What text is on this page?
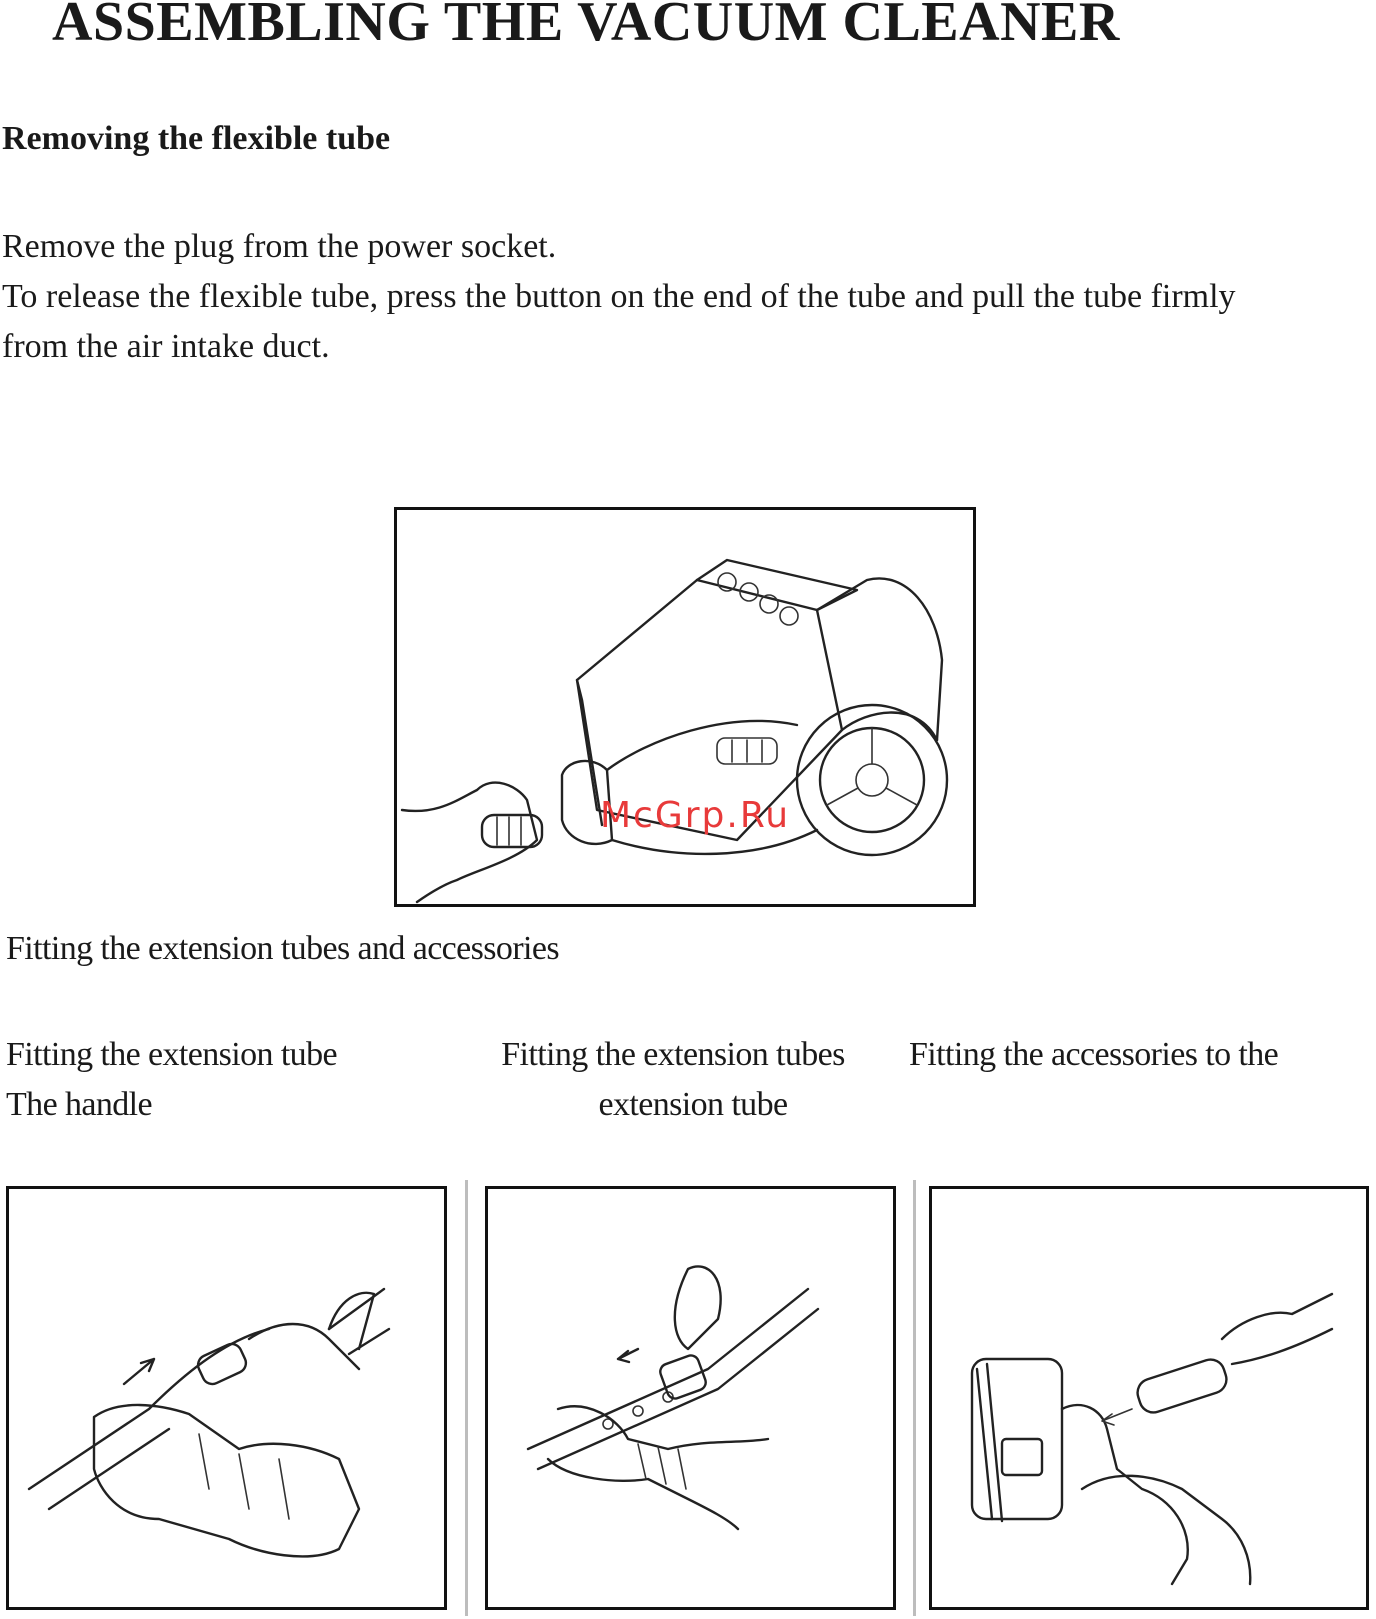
ASSEMBLING THE VACUUM CLEANER
Removing the flexible tube
Remove the plug from the power socket.
To release the flexible tube, press the button on the end of the tube and pull the tube firmly
from the air intake duct.
McGrp.Ru
Fitting the extension tubes and accessories
Fitting the extension tube
The handle
Fitting the extension tubes
extension tube
Fitting the accessories to the
